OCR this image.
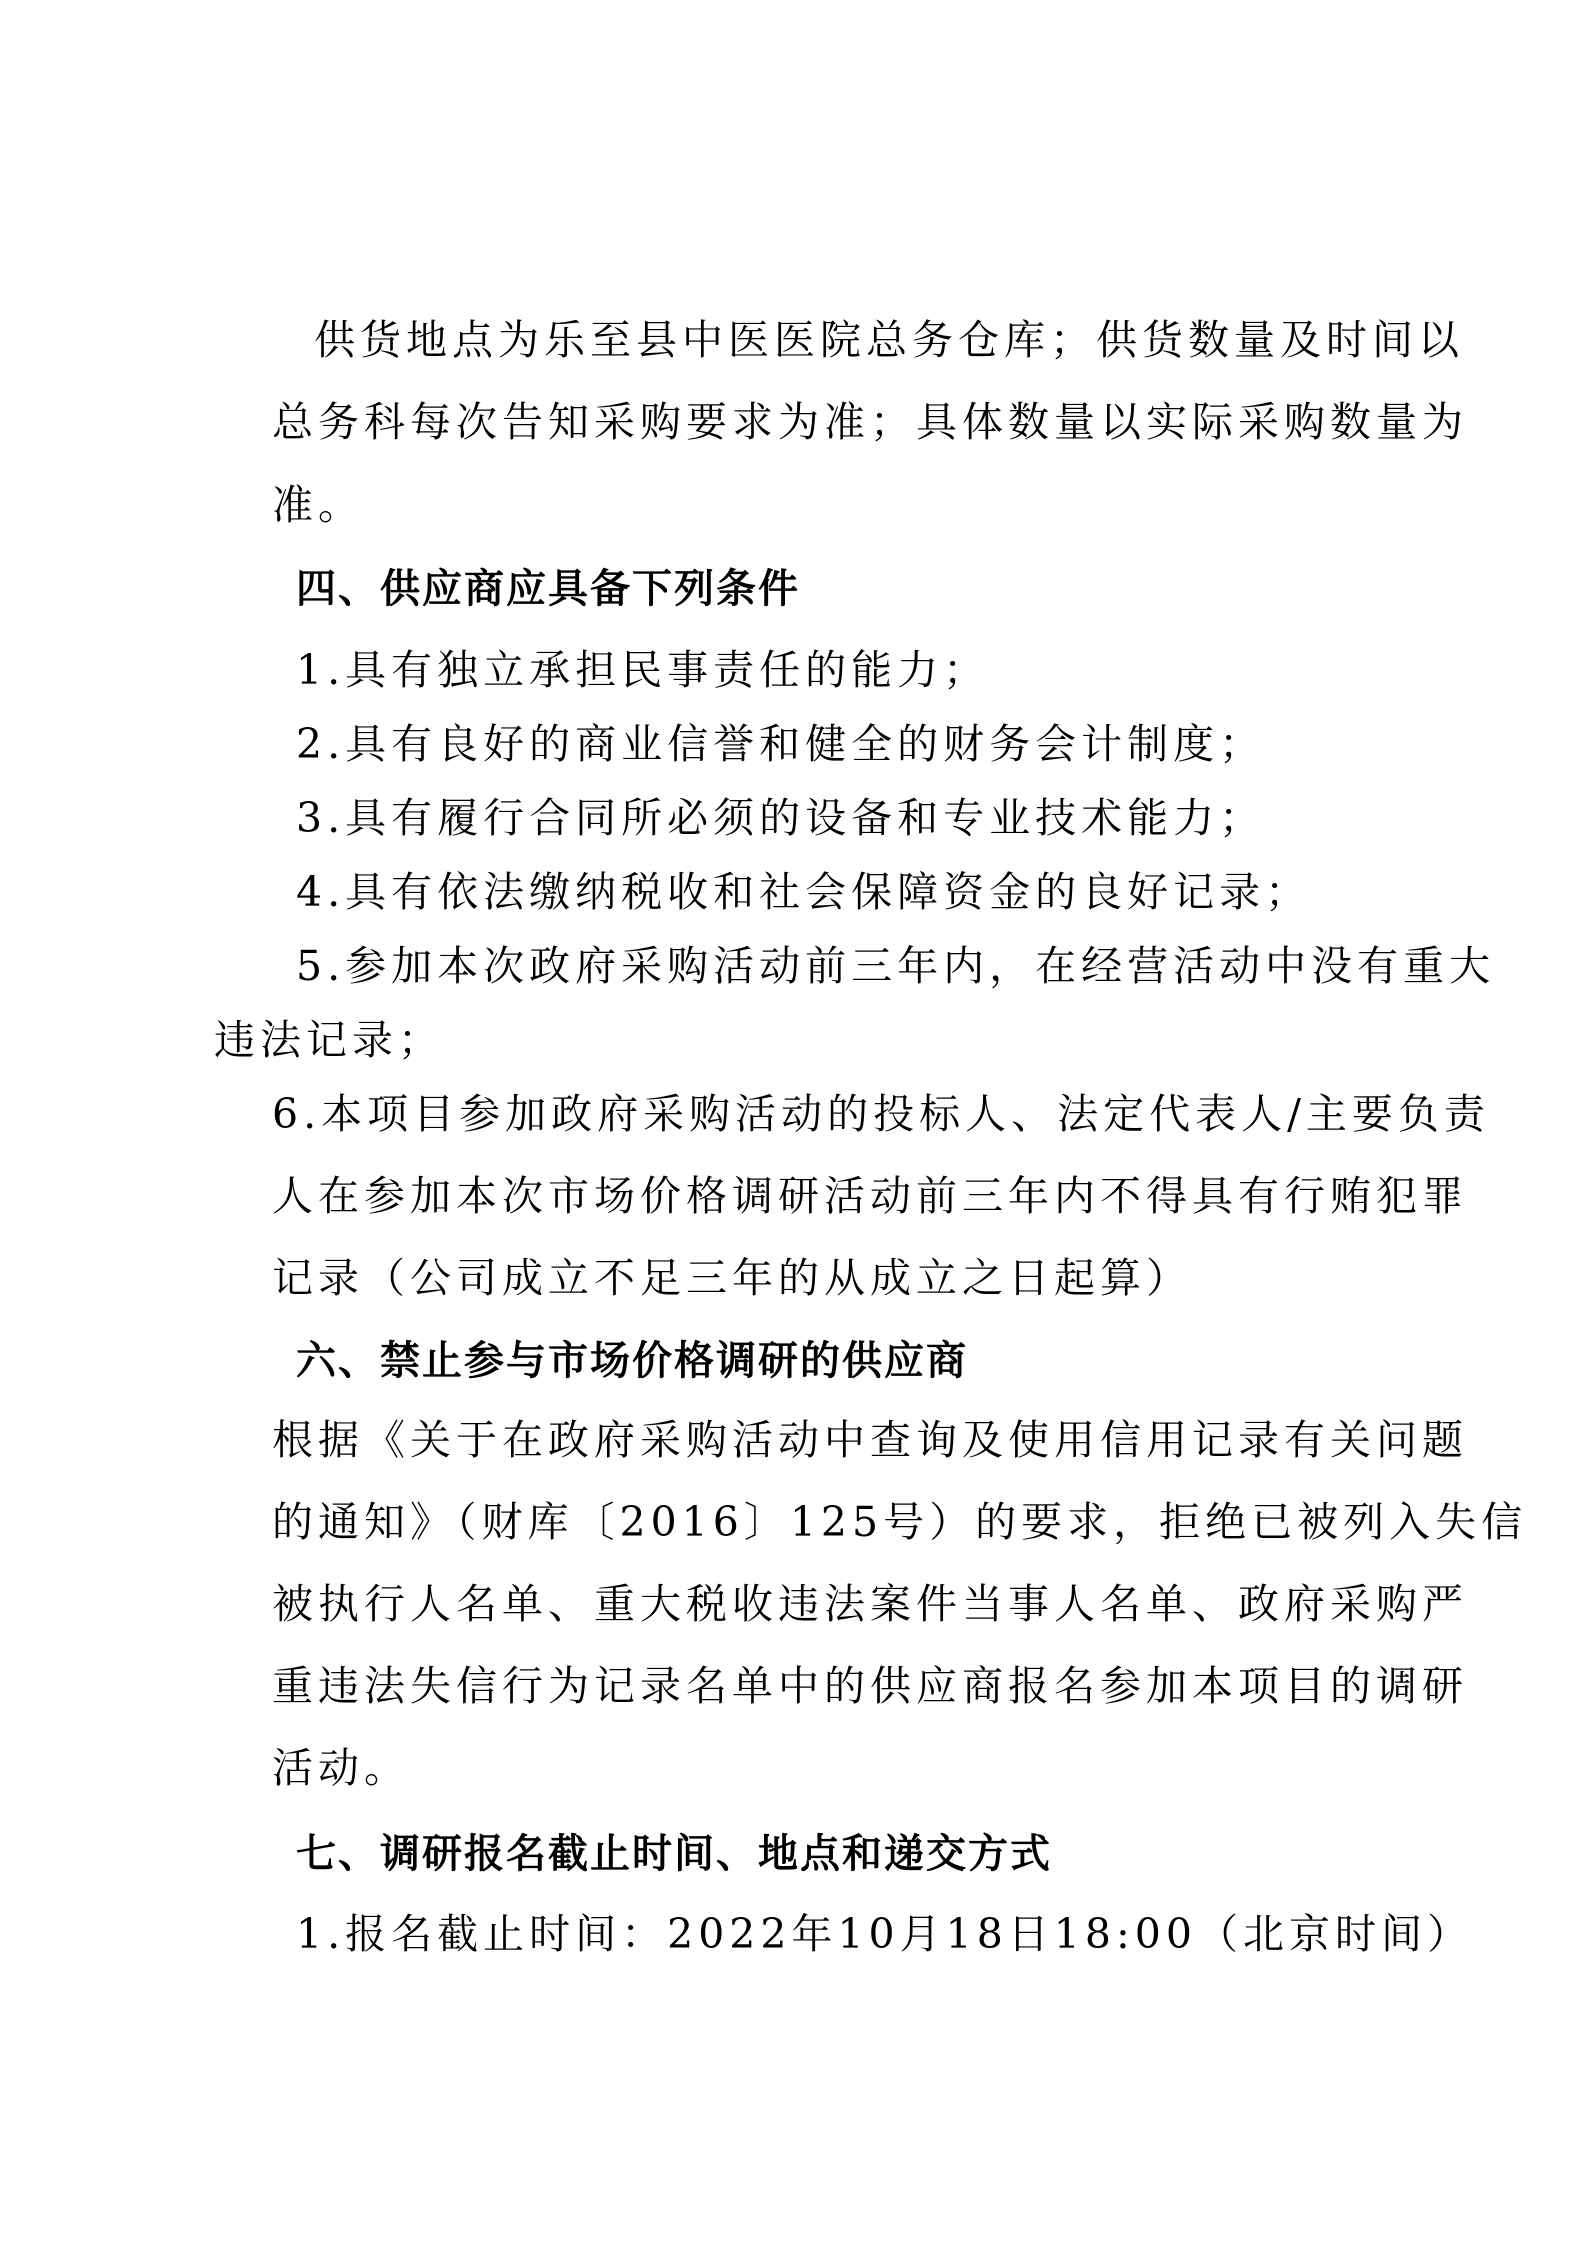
供货地点为乐至县中医医院总务仓库；供货数量及时间以

总务科每次告知采购要求为准；具体数量以实际采购数量为

准。

四、供应商应具备下列条件

1.具有独立承担民事责任的能力；

2.具有良好的商业信誉和健全的财务会计制度；

3.具有履行合同所必须的设备和专业技术能力；

4.具有依法缴纳税收和社会保障资金的良好记录；

5.参加本次政府采购活动前三年内，在经营活动中没有重大

违法记录；

6.本项目参加政府采购活动的投标人、法定代表人/主要负责

人在参加本次市场价格调研活动前三年内不得具有行贿犯罪

记录（公司成立不足三年的从成立之日起算）

六、禁止参与市场价格调研的供应商

根据《关于在政府采购活动中查询及使用信用记录有关问题

的通知》（财库〔2016〕125号）的要求，拒绝已被列入失信

被执行人名单、重大税收违法案件当事人名单、政府采购严

重违法失信行为记录名单中的供应商报名参加本项目的调研

活动。

七、调研报名截止时间、地点和递交方式

1.报名截止时间：2022年10月18日18:00（北京时间）
